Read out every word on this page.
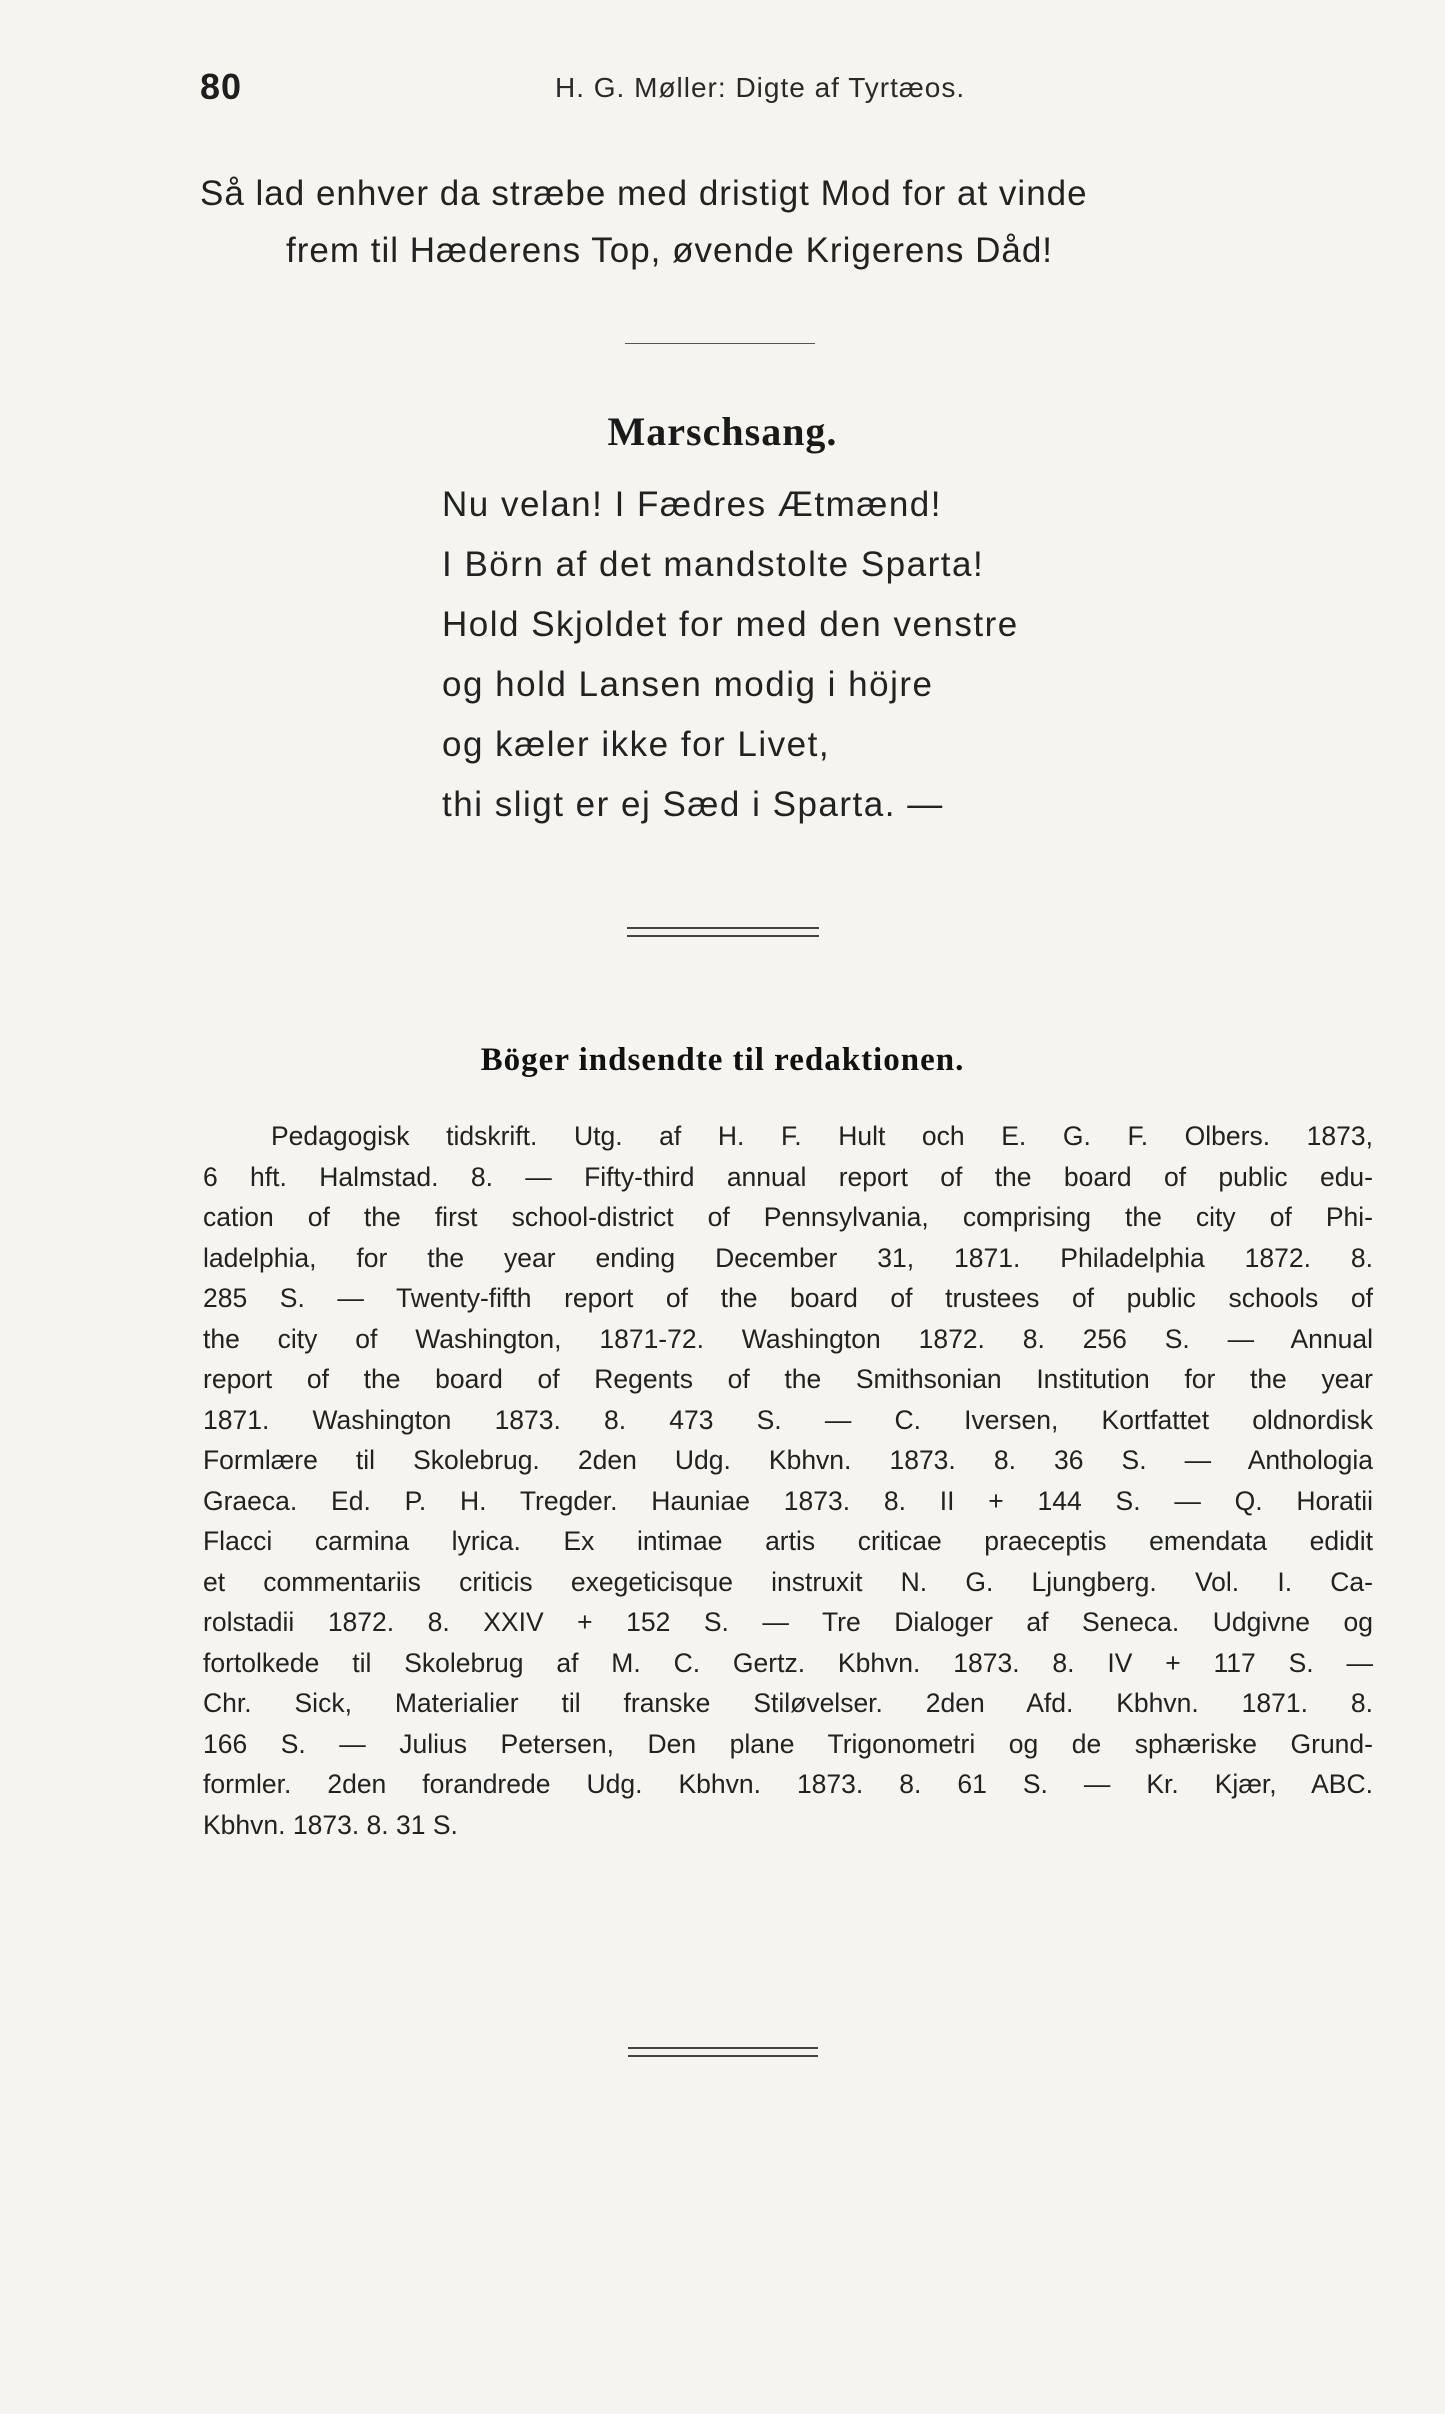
80	H. G. Møller: Digte af Tyrtæos.
Så lad enhver da stræbe med dristigt Mod for at vinde
frem til Hæderens Top, øvende Krigerens Dåd!
Marschsang.
Nu velan! I Fædres Ætmænd!
I Börn af det mandstolte Sparta!
Hold Skjoldet for med den venstre
og hold Lansen modig i höjre
og kæler ikke for Livet,
thi sligt er ej Sæd i Sparta. —
Böger indsendte til redaktionen.
Pedagogisk tidskrift. Utg. af H. F. Hult och E. G. F. Olbers. 1873,
6 hft. Halmstad. 8. — Fifty-third annual report of the board of public edu-
cation of the first school-district of Pennsylvania, comprising the city of Phi-
ladelphia, for the year ending December 31, 1871. Philadelphia 1872. 8.
285 S. — Twenty-fifth report of the board of trustees of public schools of
the city of Washington, 1871-72. Washington 1872. 8. 256 S. — Annual
report of the board of Regents of the Smithsonian Institution for the year
1871. Washington 1873. 8. 473 S. — C. Iversen, Kortfattet oldnordisk
Formlære til Skolebrug. 2den Udg. Kbhvn. 1873. 8. 36 S. — Anthologia
Graeca. Ed. P. H. Tregder. Hauniae 1873. 8. II + 144 S. — Q. Horatii
Flacci carmina lyrica. Ex intimae artis criticae praeceptis emendata edidit
et commentariis criticis exegeticisque instruxit N. G. Ljungberg. Vol. I. Ca-
rolstadii 1872. 8. XXIV + 152 S. — Tre Dialoger af Seneca. Udgivne og
fortolkede til Skolebrug af M. C. Gertz. Kbhvn. 1873. 8. IV + 117 S. —
Chr. Sick, Materialier til franske Stiløvelser. 2den Afd. Kbhvn. 1871. 8.
166 S. — Julius Petersen, Den plane Trigonometri og de sphæriske Grund-
formler. 2den forandrede Udg. Kbhvn. 1873. 8. 61 S. — Kr. Kjær, ABC.
Kbhvn. 1873. 8. 31 S.
